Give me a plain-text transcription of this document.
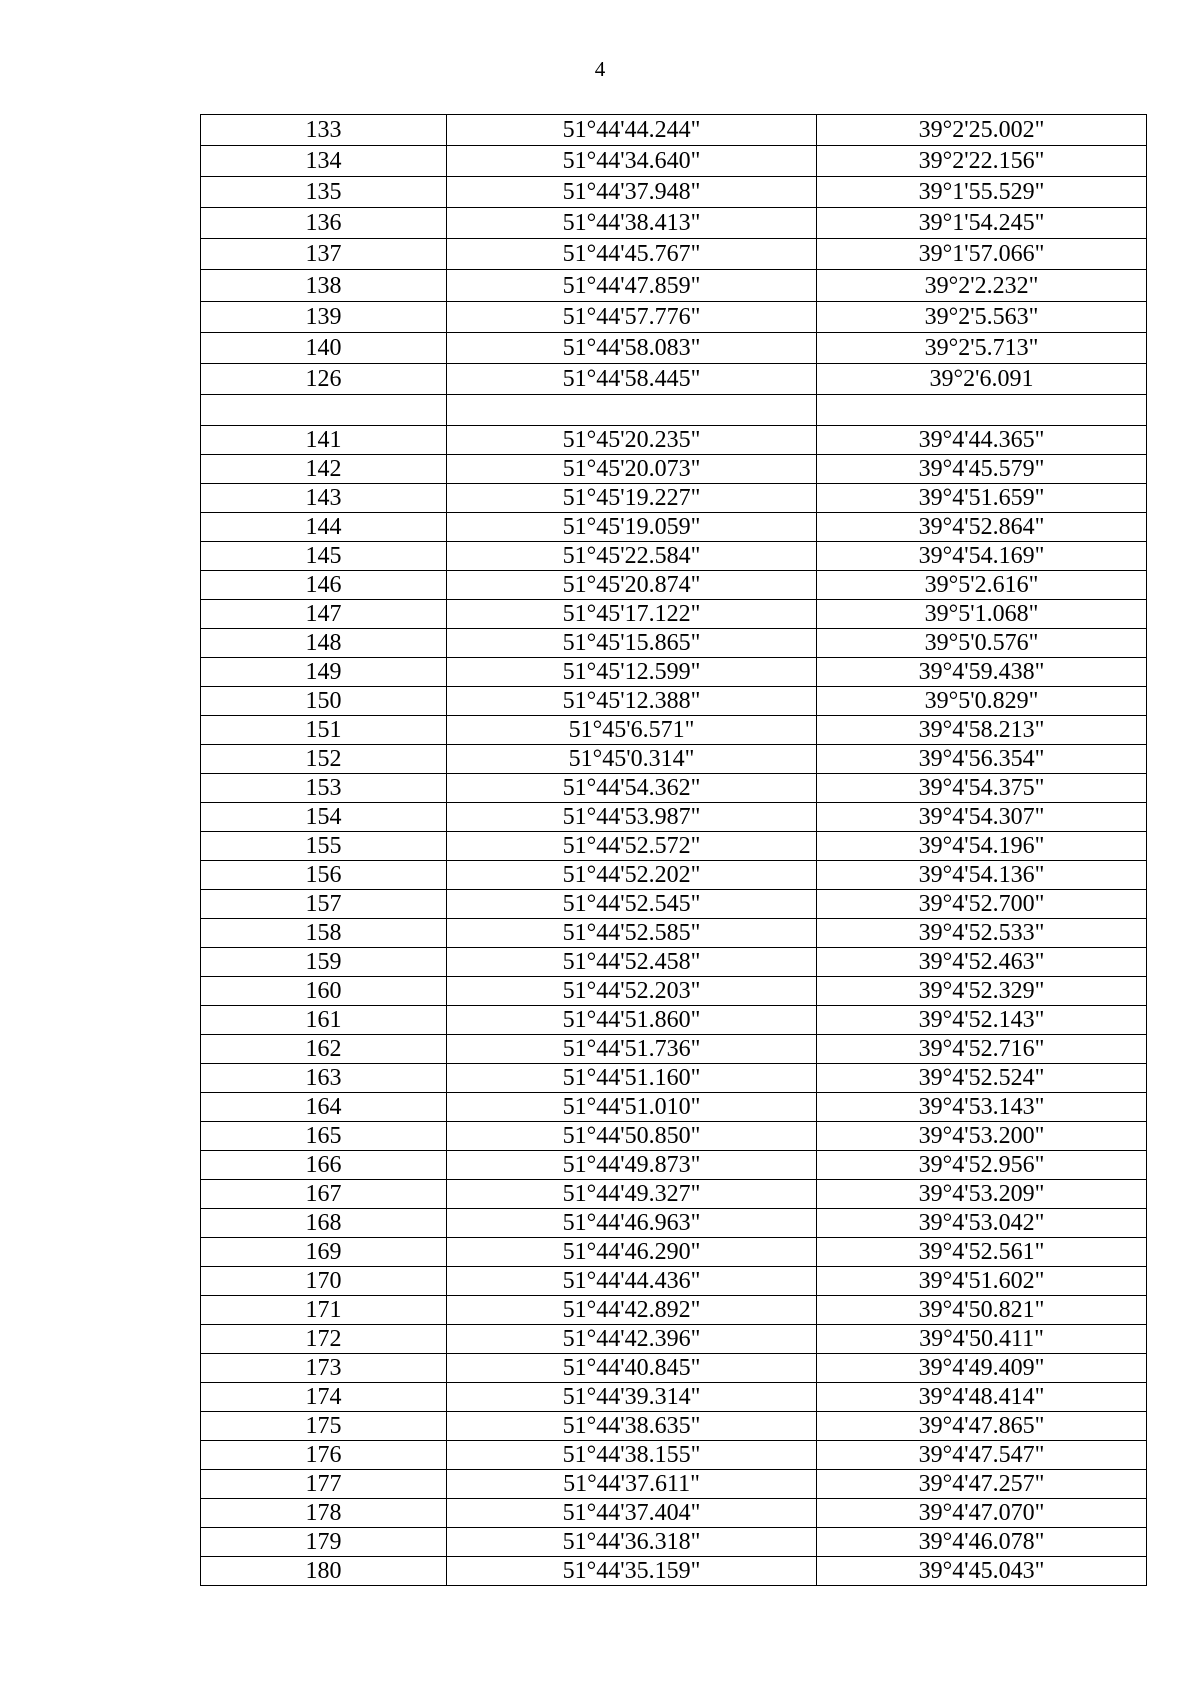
4
133	51°44'44.244"	39°2'25.002"
134	51°44'34.640"	39°2'22.156"
135	51°44'37.948"	39°1'55.529"
136	51°44'38.413"	39°1'54.245"
137	51°44'45.767"	39°1'57.066"
138	51°44'47.859"	39°2'2.232"
139	51°44'57.776"	39°2'5.563"
140	51°44'58.083"	39°2'5.713"
126	51°44'58.445"	39°2'6.091

141	51°45'20.235"	39°4'44.365"
142	51°45'20.073"	39°4'45.579"
143	51°45'19.227"	39°4'51.659"
144	51°45'19.059"	39°4'52.864"
145	51°45'22.584"	39°4'54.169"
146	51°45'20.874"	39°5'2.616"
147	51°45'17.122"	39°5'1.068"
148	51°45'15.865"	39°5'0.576"
149	51°45'12.599"	39°4'59.438"
150	51°45'12.388"	39°5'0.829"
151	51°45'6.571"	39°4'58.213"
152	51°45'0.314"	39°4'56.354"
153	51°44'54.362"	39°4'54.375"
154	51°44'53.987"	39°4'54.307"
155	51°44'52.572"	39°4'54.196"
156	51°44'52.202"	39°4'54.136"
157	51°44'52.545"	39°4'52.700"
158	51°44'52.585"	39°4'52.533"
159	51°44'52.458"	39°4'52.463"
160	51°44'52.203"	39°4'52.329"
161	51°44'51.860"	39°4'52.143"
162	51°44'51.736"	39°4'52.716"
163	51°44'51.160"	39°4'52.524"
164	51°44'51.010"	39°4'53.143"
165	51°44'50.850"	39°4'53.200"
166	51°44'49.873"	39°4'52.956"
167	51°44'49.327"	39°4'53.209"
168	51°44'46.963"	39°4'53.042"
169	51°44'46.290"	39°4'52.561"
170	51°44'44.436"	39°4'51.602"
171	51°44'42.892"	39°4'50.821"
172	51°44'42.396"	39°4'50.411"
173	51°44'40.845"	39°4'49.409"
174	51°44'39.314"	39°4'48.414"
175	51°44'38.635"	39°4'47.865"
176	51°44'38.155"	39°4'47.547"
177	51°44'37.611"	39°4'47.257"
178	51°44'37.404"	39°4'47.070"
179	51°44'36.318"	39°4'46.078"
180	51°44'35.159"	39°4'45.043"
